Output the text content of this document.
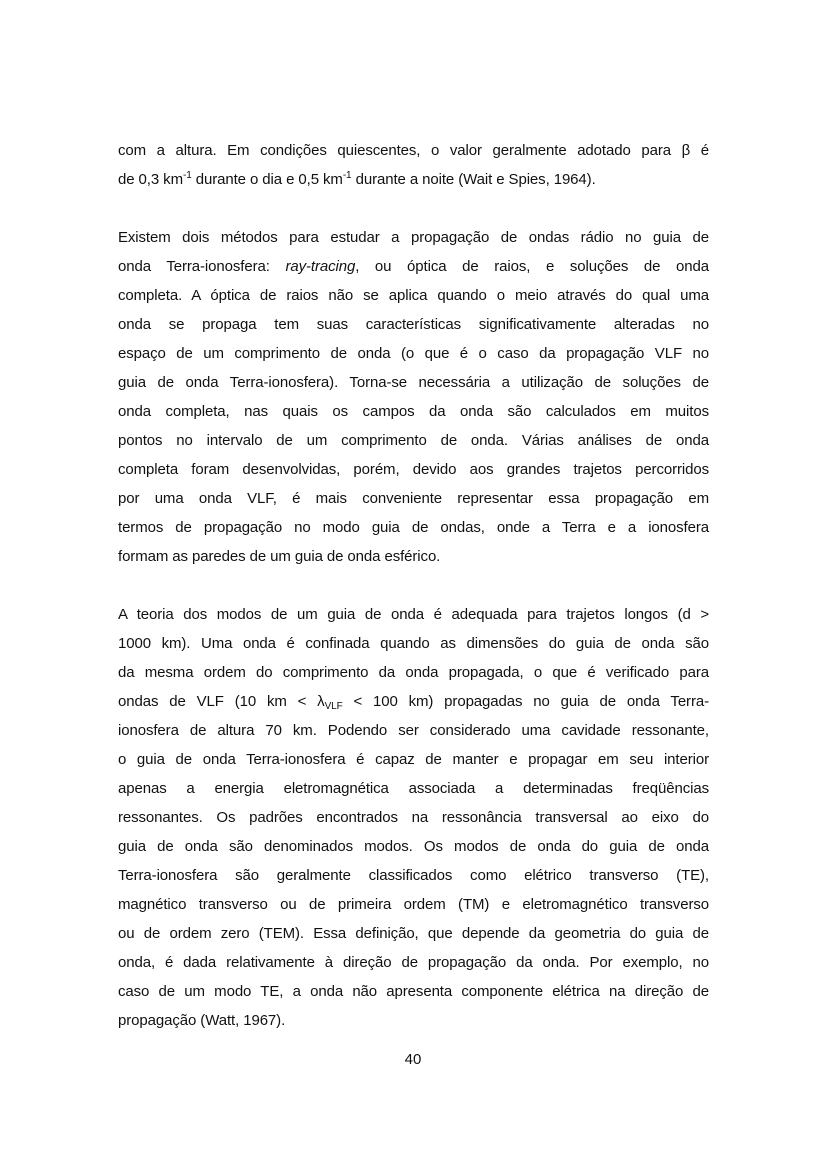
com a altura. Em condições quiescentes, o valor geralmente adotado para β é
de 0,3 $km^{-1}$ durante o dia e 0,5 $km^{-1}$ durante a noite (Wait e Spies, 1964).

Existem dois métodos para estudar a propagação de ondas rádio no guia de
onda Terra-ionosfera: ray-tracing, ou óptica de raios, e soluções de onda
completa. A óptica de raios não se aplica quando o meio através do qual uma
onda se propaga tem suas características significativamente alteradas no
espaço de um comprimento de onda (o que é o caso da propagação VLF no
guia de onda Terra-ionosfera). Torna-se necessária a utilização de soluções de
onda completa, nas quais os campos da onda são calculados em muitos
pontos no intervalo de um comprimento de onda. Várias análises de onda
completa foram desenvolvidas, porém, devido aos grandes trajetos percorridos
por uma onda VLF, é mais conveniente representar essa propagação em
termos de propagação no modo guia de ondas, onde a Terra e a ionosfera
formam as paredes de um guia de onda esférico.

A teoria dos modos de um guia de onda é adequada para trajetos longos (d >
1000 km). Uma onda é confinada quando as dimensões do guia de onda são
da mesma ordem do comprimento da onda propagada, o que é verificado para
ondas de VLF (10 km < $\lambda_{VLF} < 100$ km) propagadas no guia de onda Terra-
ionosfera de altura 70 km. Podendo ser considerado uma cavidade ressonante,
o guia de onda Terra-ionosfera é capaz de manter e propagar em seu interior
apenas a energia eletromagnética associada a determinadas freqüências
ressonantes. Os padrões encontrados na ressonância transversal ao eixo do
guia de onda são denominados modos. Os modos de onda do guia de onda
Terra-ionosfera são geralmente classificados como elétrico transverso (TE),
magnético transverso ou de primeira ordem (TM) e eletromagnético transverso
ou de ordem zero (TEM). Essa definição, que depende da geometria do guia de
onda, é dada relativamente à direção de propagação da onda. Por exemplo, no
caso de um modo TE, a onda não apresenta componente elétrica na direção de
propagação (Watt, 1967).

40
